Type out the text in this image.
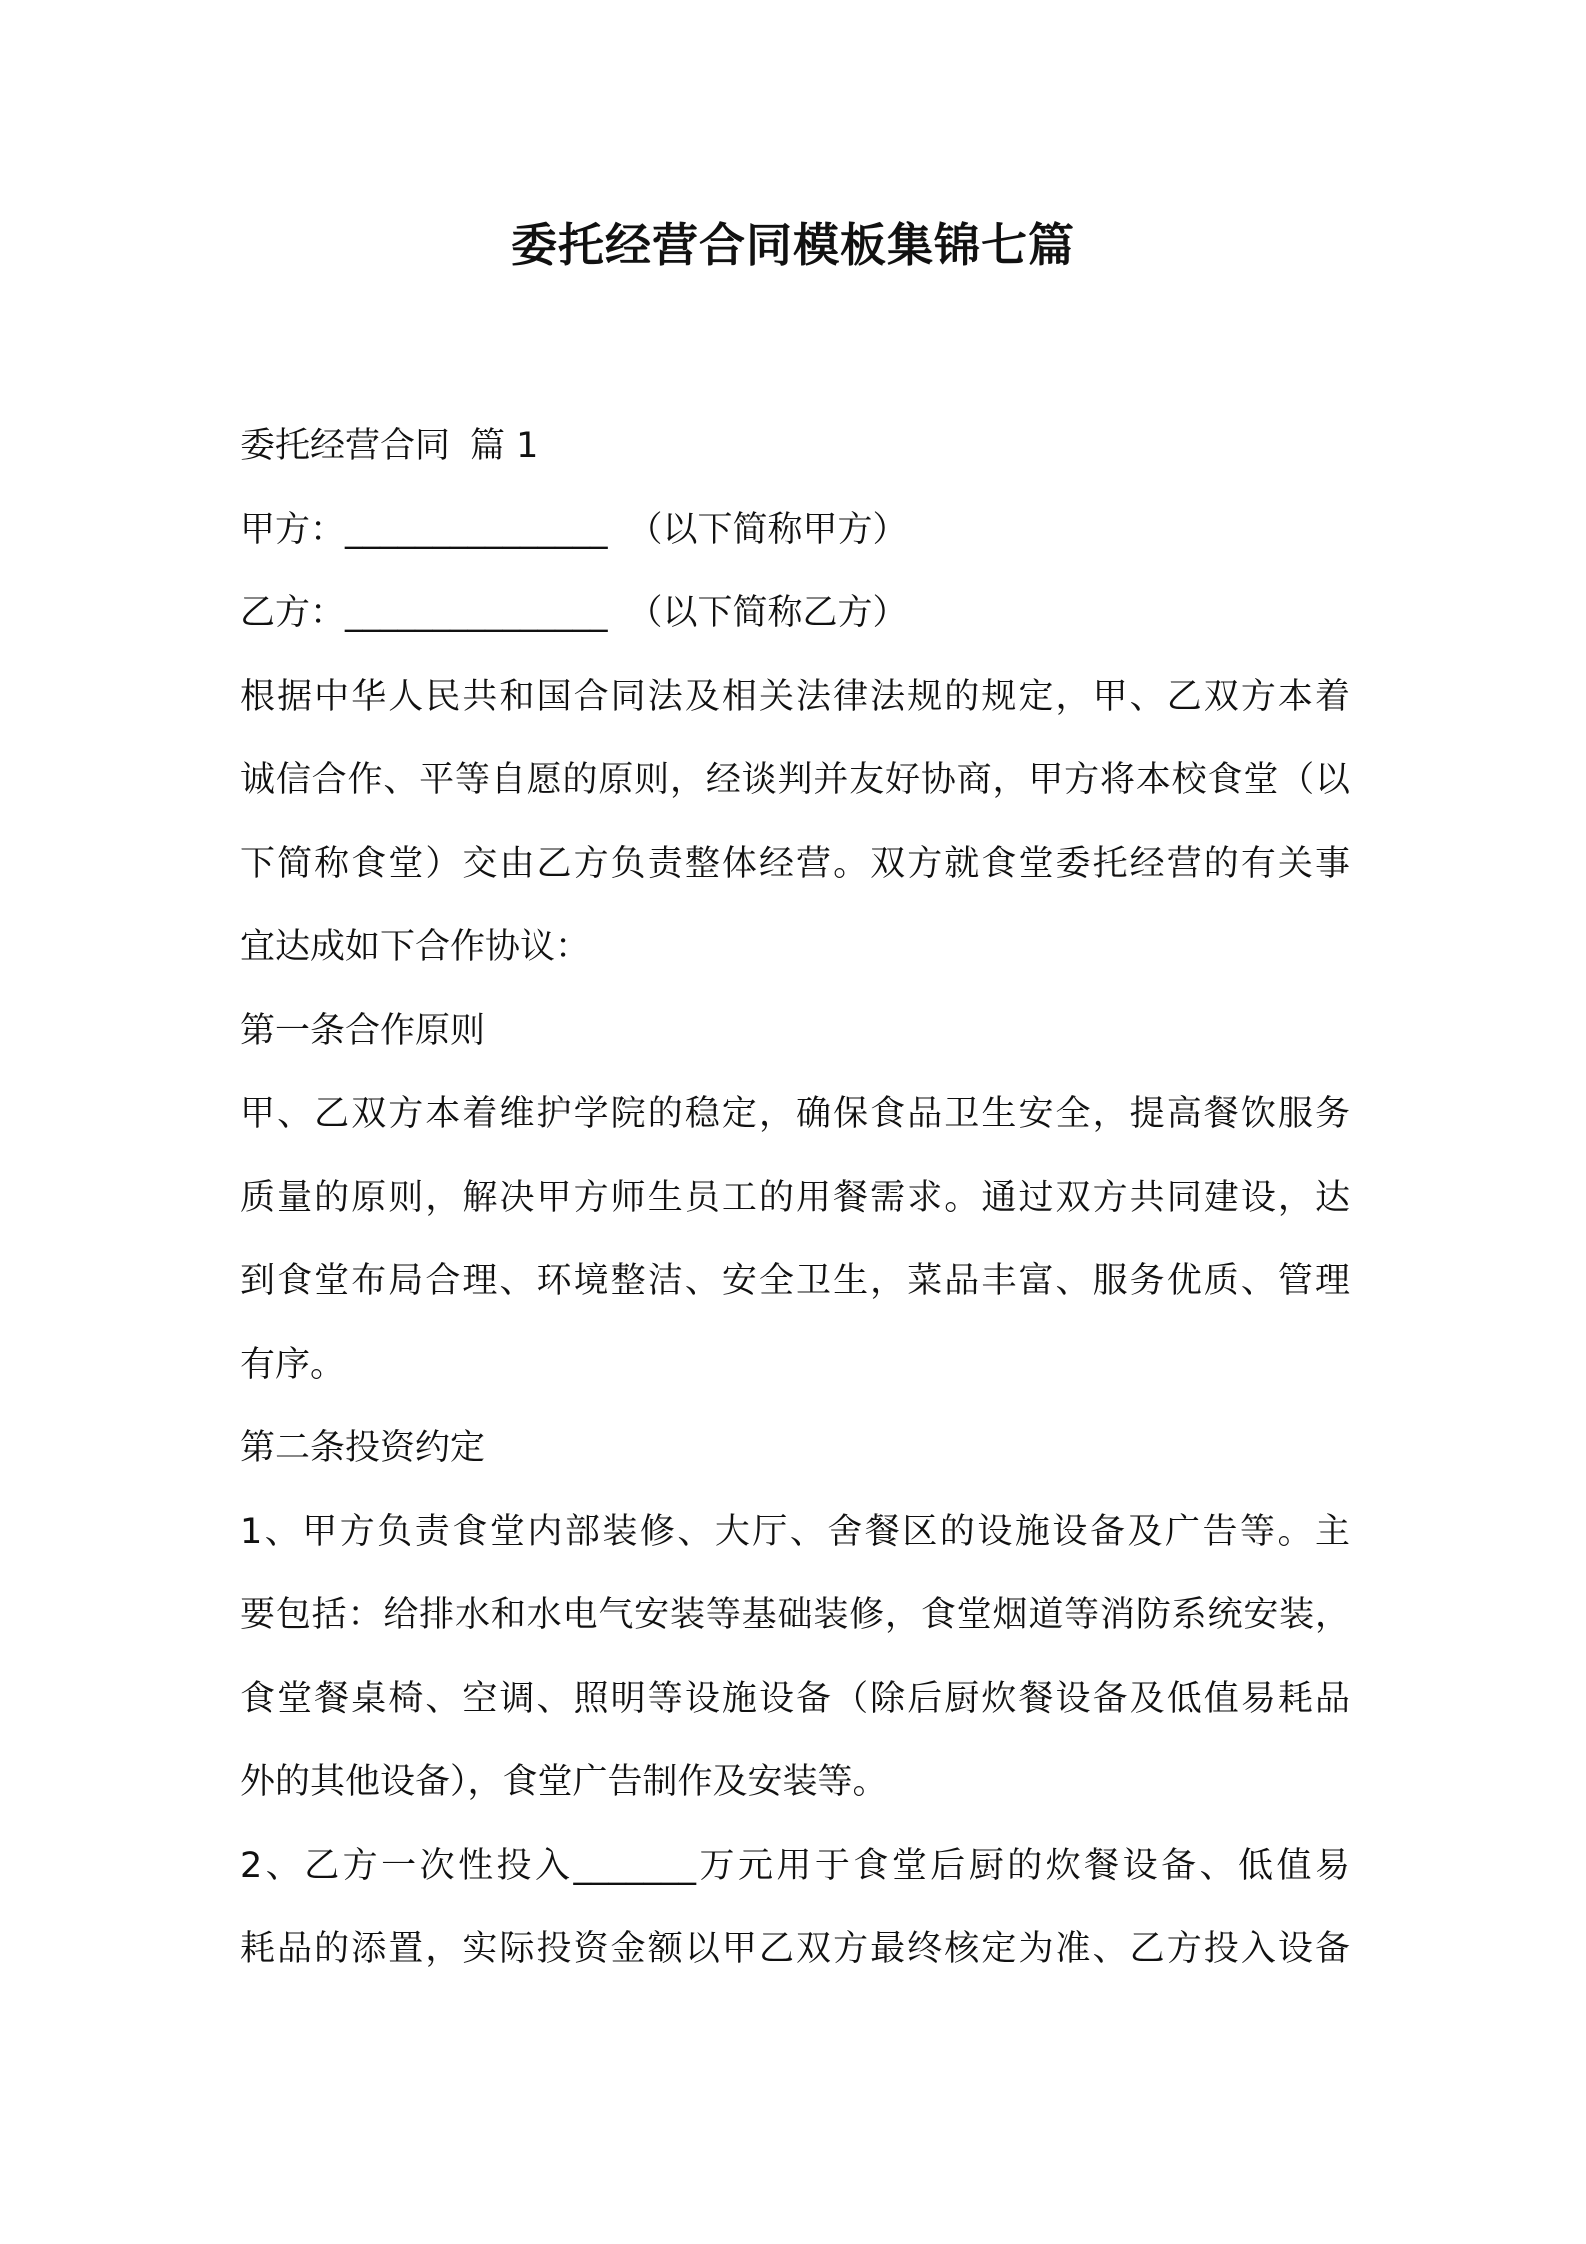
委托经营合同模板集锦七篇
委托经营合同 篇 1
甲方：_______________ （以下简称甲方）
乙方：_______________ （以下简称乙方）
根据中华人民共和国合同法及相关法律法规的规定，甲、乙双方本着
诚信合作、平等自愿的原则，经谈判并友好协商，甲方将本校食堂（以
下简称食堂）交由乙方负责整体经营。双方就食堂委托经营的有关事
宜达成如下合作协议：
第一条合作原则
甲、乙双方本着维护学院的稳定，确保食品卫生安全，提高餐饮服务
质量的原则，解决甲方师生员工的用餐需求。通过双方共同建设，达
到食堂布局合理、环境整洁、安全卫生，菜品丰富、服务优质、管理
有序。
第二条投资约定
1、甲方负责食堂内部装修、大厅、舍餐区的设施设备及广告等。主
要包括：给排水和水电气安装等基础装修，食堂烟道等消防系统安装，
食堂餐桌椅、空调、照明等设施设备（除后厨炊餐设备及低值易耗品
外的其他设备），食堂广告制作及安装等。
2、乙方一次性投入_______万元用于食堂后厨的炊餐设备、低值易
耗品的添置，实际投资金额以甲乙双方最终核定为准、乙方投入设备
